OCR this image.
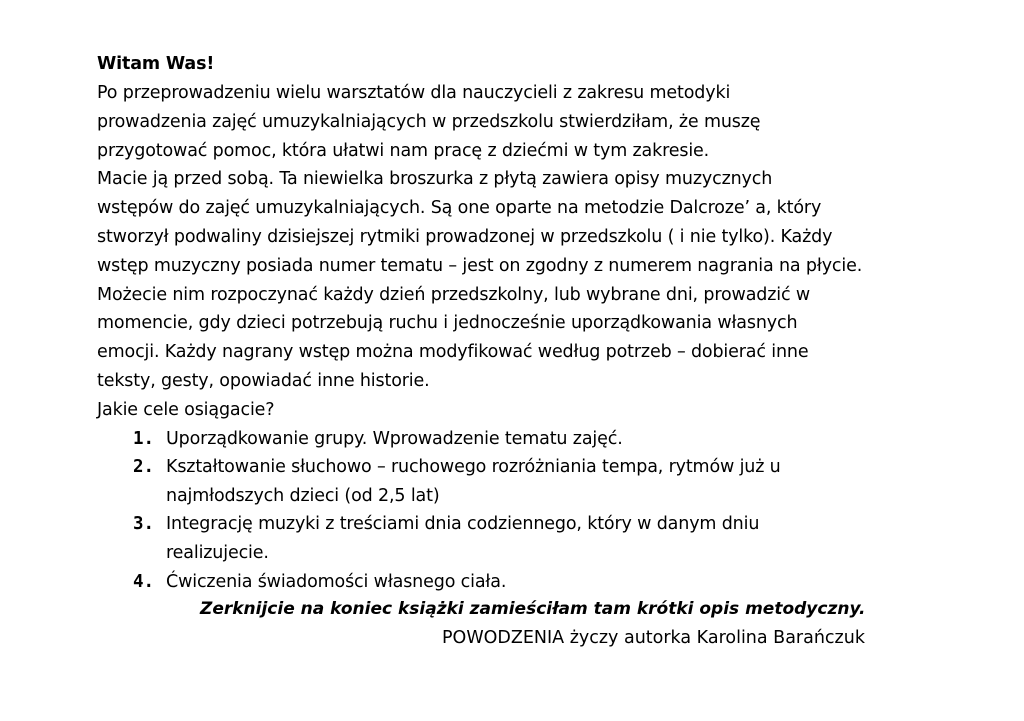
Witam Was!
Po przeprowadzeniu wielu warsztatów dla nauczycieli z zakresu metodyki
prowadzenia zajęć umuzykalniających w przedszkolu stwierdziłam, że muszę
przygotować pomoc, która ułatwi nam pracę z dziećmi w tym zakresie.
Macie ją przed sobą. Ta niewielka broszurka z płytą zawiera opisy muzycznych
wstępów do zajęć umuzykalniających. Są one oparte na metodzie Dalcroze’ a, który
stworzył podwaliny dzisiejszej rytmiki prowadzonej w przedszkolu ( i nie tylko). Każdy
wstęp muzyczny posiada numer tematu – jest on zgodny z numerem nagrania na płycie.
Możecie nim rozpoczynać każdy dzień przedszkolny, lub wybrane dni, prowadzić w
momencie, gdy dzieci potrzebują ruchu i jednocześnie uporządkowania własnych
emocji. Każdy nagrany wstęp można modyfikować według potrzeb – dobierać inne
teksty, gesty, opowiadać inne historie.
Jakie cele osiągacie?
1. Uporządkowanie grupy. Wprowadzenie tematu zajęć.
2. Kształtowanie słuchowo – ruchowego rozróżniania tempa, rytmów już u
najmłodszych dzieci (od 2,5 lat)
3. Integrację muzyki z treściami dnia codziennego, który w danym dniu
realizujecie.
4. Ćwiczenia świadomości własnego ciała.
Zerknijcie na koniec książki zamieściłam tam krótki opis metodyczny.
POWODZENIA życzy autorka Karolina Barańczuk
